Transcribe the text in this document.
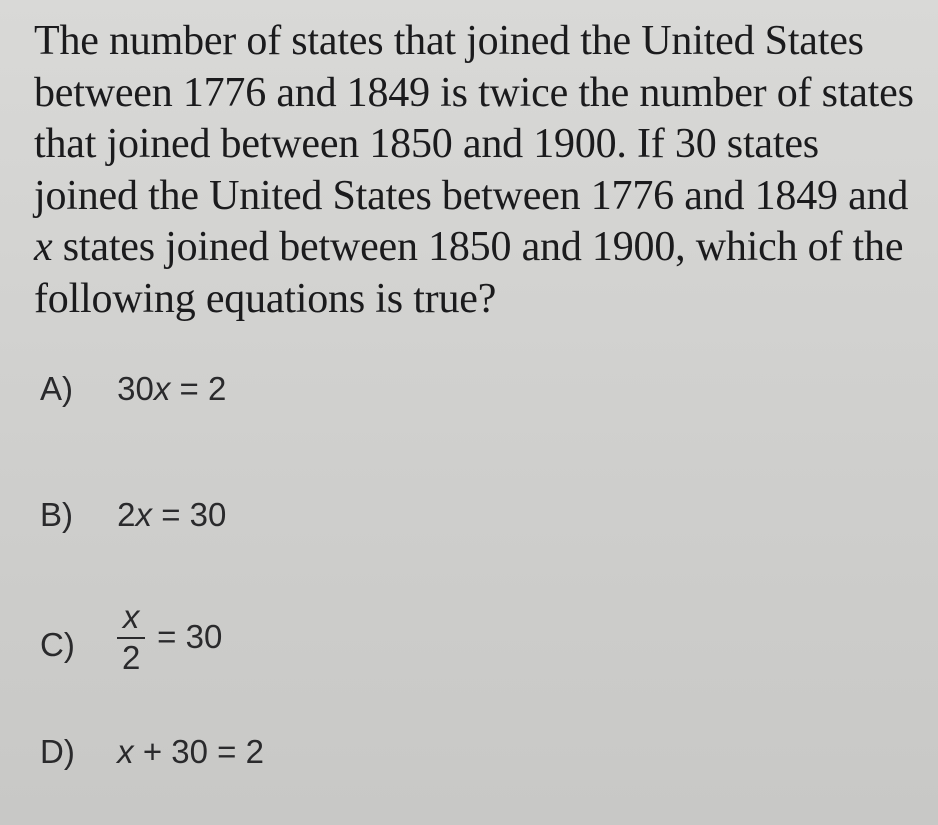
The number of states that joined the United States
between 1776 and 1849 is twice the number of states
that joined between 1850 and 1900. If 30 states
joined the United States between 1776 and 1849 and
x states joined between 1850 and 1900, which of the
following equations is true?
A) 30x = 2
B) 2x = 30
$C) \frac{x}{2} = 30$
D) x + 30 = 2
